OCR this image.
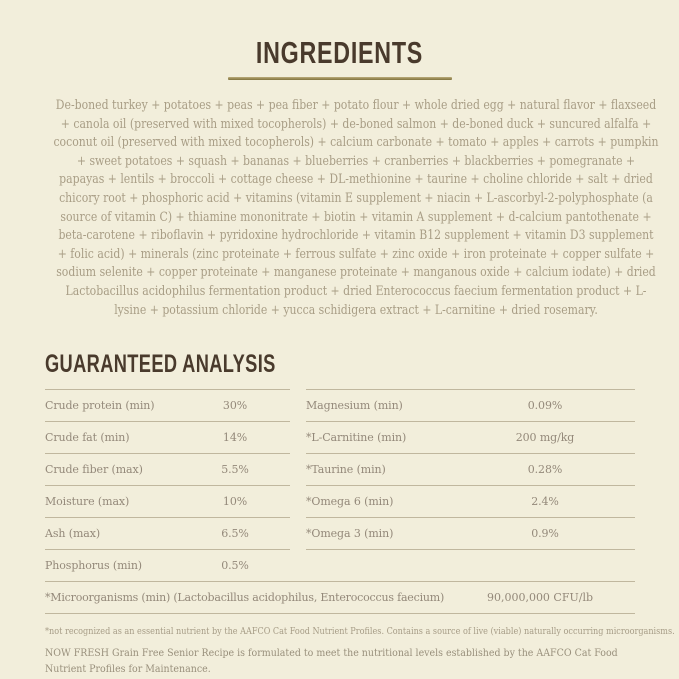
INGREDIENTS

De-boned turkey + potatoes + peas + pea fiber + potato flour + whole dried egg + natural flavor + flaxseed + canola oil (preserved with mixed tocopherols) + de-boned salmon + de-boned duck + suncured alfalfa + coconut oil (preserved with mixed tocopherols) + calcium carbonate + tomato + apples + carrots + pumpkin + sweet potatoes + squash + bananas + blueberries + cranberries + blackberries + pomegranate + papayas + lentils + broccoli + cottage cheese + DL-methionine + taurine + choline chloride + salt + dried chicory root + phosphoric acid + vitamins (vitamin E supplement + niacin + L-ascorbyl-2-polyphosphate (a source of vitamin C) + thiamine mononitrate + biotin + vitamin A supplement + d-calcium pantothenate + beta-carotene + riboflavin + pyridoxine hydrochloride + vitamin B12 supplement + vitamin D3 supplement + folic acid) + minerals (zinc proteinate + ferrous sulfate + zinc oxide + iron proteinate + copper sulfate + sodium selenite + copper proteinate + manganese proteinate + manganous oxide + calcium iodate) + dried Lactobacillus acidophilus fermentation product + dried Enterococcus faecium fermentation product + L-lysine + potassium chloride + yucca schidigera extract + L-carnitine + dried rosemary.

GUARANTEED ANALYSIS
Crude protein (min)	30%
Crude fat (min)	14%
Crude fiber (max)	5.5%
Moisture (max)	10%
Ash (max)	6.5%
Phosphorus (min)	0.5%
Magnesium (min)	0.09%
*L-Carnitine (min)	200 mg/kg
*Taurine (min)	0.28%
*Omega 6 (min)	2.4%
*Omega 3 (min)	0.9%
*Microorganisms (min) (Lactobacillus acidophilus, Enterococcus faecium)	90,000,000 CFU/lb
*not recognized as an essential nutrient by the AAFCO Cat Food Nutrient Profiles. Contains a source of live (viable) naturally occurring microorganisms.
NOW FRESH Grain Free Senior Recipe is formulated to meet the nutritional levels established by the AAFCO Cat Food Nutrient Profiles for Maintenance.
